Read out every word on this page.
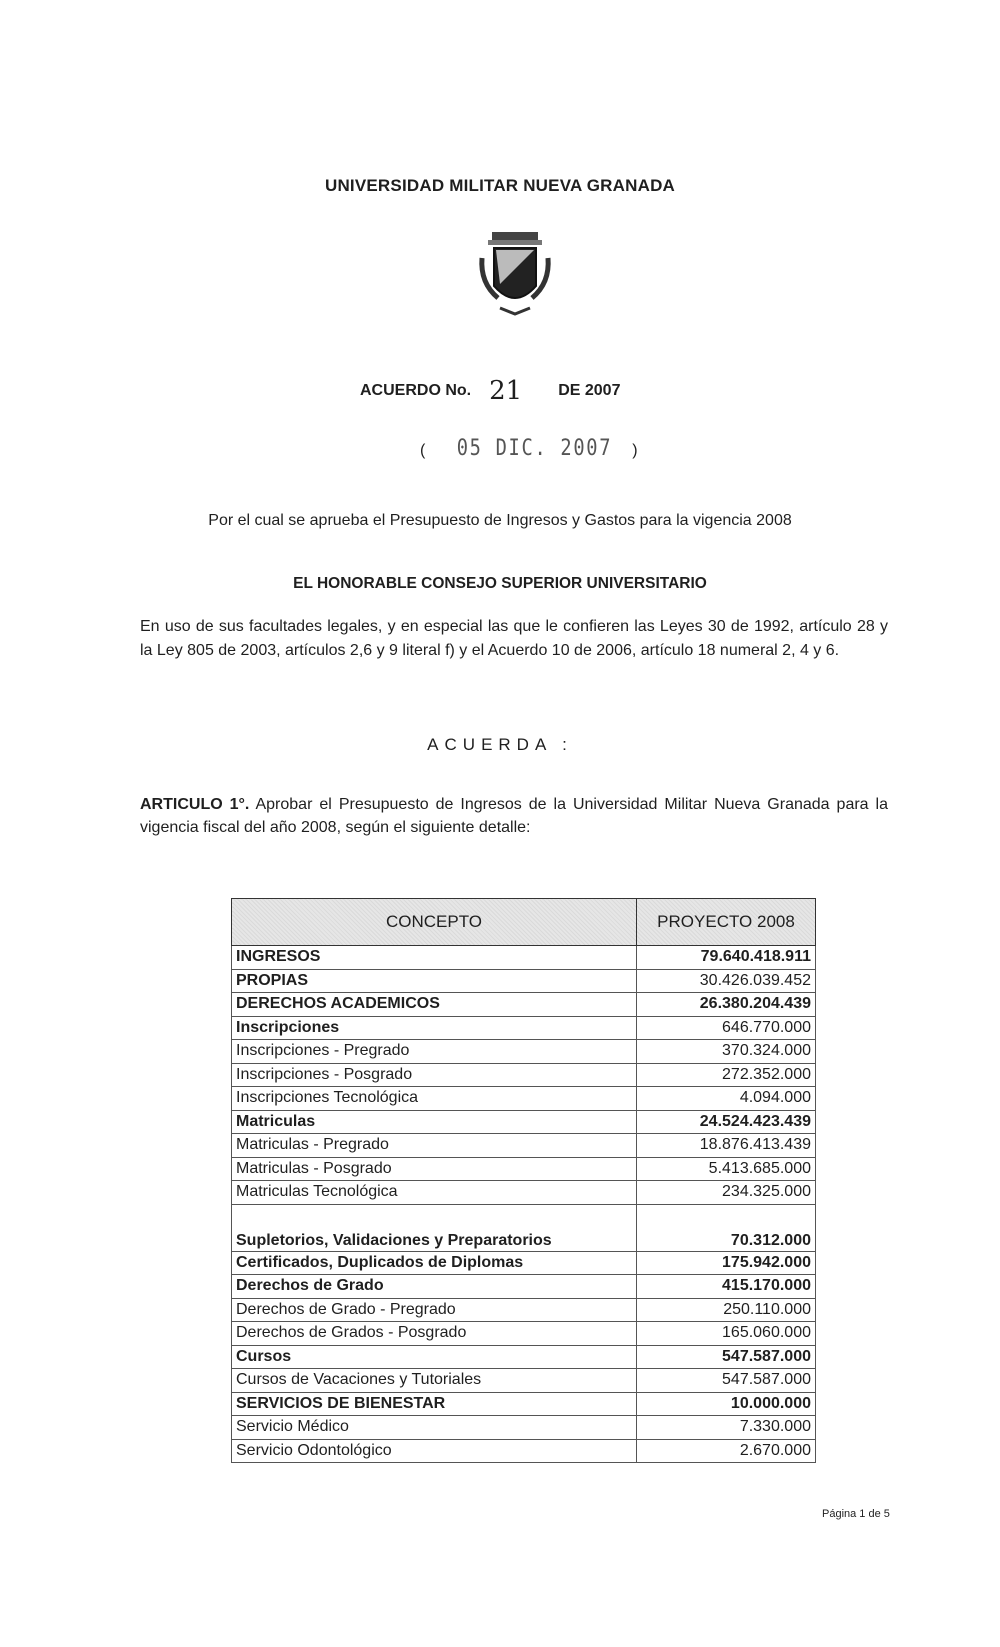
UNIVERSIDAD MILITAR NUEVA GRANADA
ACUERDO No. 21 DE 2007
( 05 DIC. 2007 )
Por el cual se aprueba el Presupuesto de Ingresos y Gastos para la vigencia 2008
EL HONORABLE CONSEJO SUPERIOR UNIVERSITARIO
En uso de sus facultades legales, y en especial las que le confieren las Leyes 30 de 1992, artículo 28 y la Ley 805 de 2003, artículos 2,6 y 9 literal f) y el Acuerdo 10 de 2006, artículo 18 numeral 2, 4 y 6.
ACUERDA :
ARTICULO 1°. Aprobar el Presupuesto de Ingresos de la Universidad Militar Nueva Granada para la vigencia fiscal del año 2008, según el siguiente detalle:
CONCEPTO	PROYECTO 2008
INGRESOS	79.640.418.911
PROPIAS	30.426.039.452
DERECHOS ACADEMICOS	26.380.204.439
Inscripciones	646.770.000
Inscripciones - Pregrado	370.324.000
Inscripciones - Posgrado	272.352.000
Inscripciones Tecnológica	4.094.000
Matriculas	24.524.423.439
Matriculas - Pregrado	18.876.413.439
Matriculas - Posgrado	5.413.685.000
Matriculas Tecnológica	234.325.000
Supletorios, Validaciones y Preparatorios	70.312.000
Certificados, Duplicados de Diplomas	175.942.000
Derechos de Grado	415.170.000
Derechos de Grado - Pregrado	250.110.000
Derechos de Grados - Posgrado	165.060.000
Cursos	547.587.000
Cursos de Vacaciones y Tutoriales	547.587.000
SERVICIOS DE BIENESTAR	10.000.000
Servicio Médico	7.330.000
Servicio Odontológico	2.670.000
Página 1 de 5
